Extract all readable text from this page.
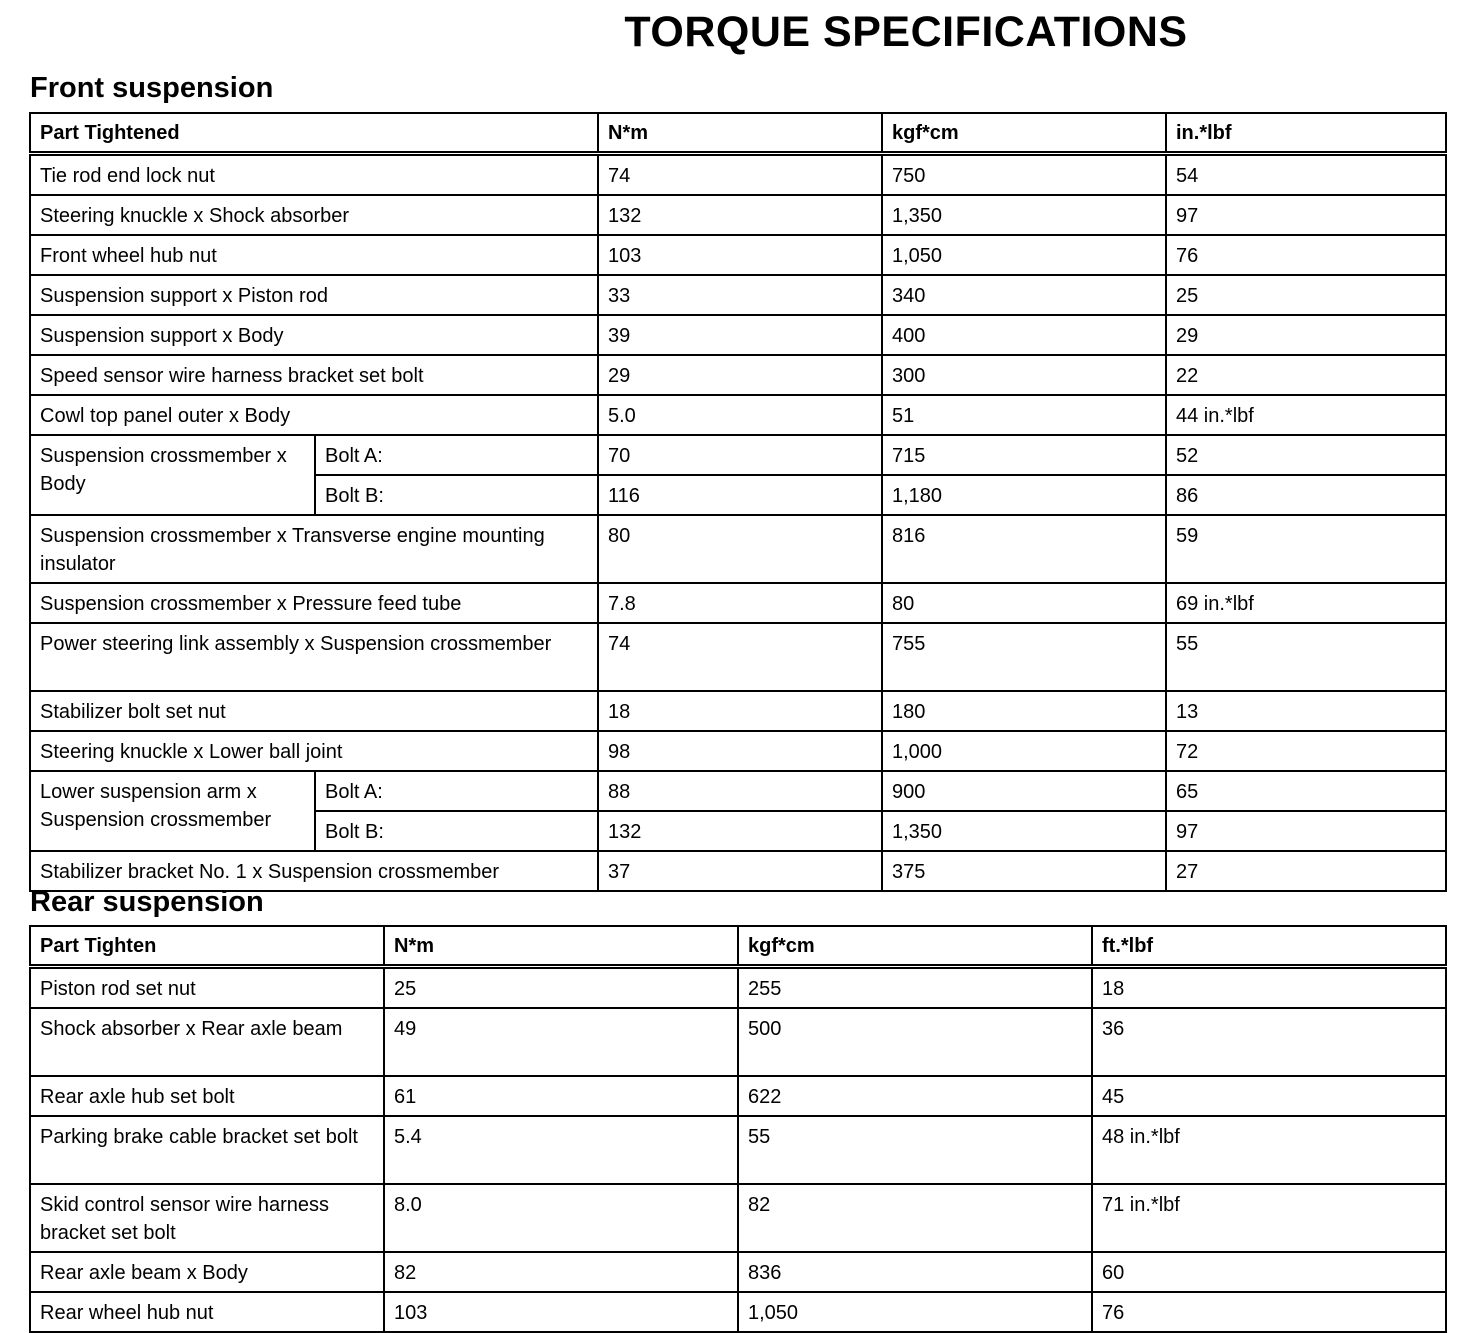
TORQUE SPECIFICATIONS
Front suspension
Part Tightened		N*m	kgf*cm	in.*lbf
Tie rod end lock nut		74	750	54
Steering knuckle x Shock absorber		132	1,350	97
Front wheel hub nut		103	1,050	76
Suspension support x Piston rod		33	340	25
Suspension support x Body		39	400	29
Speed sensor wire harness bracket set bolt		29	300	22
Cowl top panel outer x Body		5.0	51	44 in.*lbf
Suspension crossmember x Body	Bolt A:	70	715	52
	Bolt B:	116	1,180	86
Suspension crossmember x Transverse engine mounting insulator		80	816	59
Suspension crossmember x Pressure feed tube		7.8	80	69 in.*lbf
Power steering link assembly x Suspension crossmember		74	755	55
Stabilizer bolt set nut		18	180	13
Steering knuckle x Lower ball joint		98	1,000	72
Lower suspension arm x Suspension crossmember	Bolt A:	88	900	65
	Bolt B:	132	1,350	97
Stabilizer bracket No. 1 x Suspension crossmember		37	375	27
Rear suspension
Part Tighten	N*m	kgf*cm	ft.*lbf
Piston rod set nut	25	255	18
Shock absorber x Rear axle beam	49	500	36
Rear axle hub set bolt	61	622	45
Parking brake cable bracket set bolt	5.4	55	48 in.*lbf
Skid control sensor wire harness bracket set bolt	8.0	82	71 in.*lbf
Rear axle beam x Body	82	836	60
Rear wheel hub nut	103	1,050	76
